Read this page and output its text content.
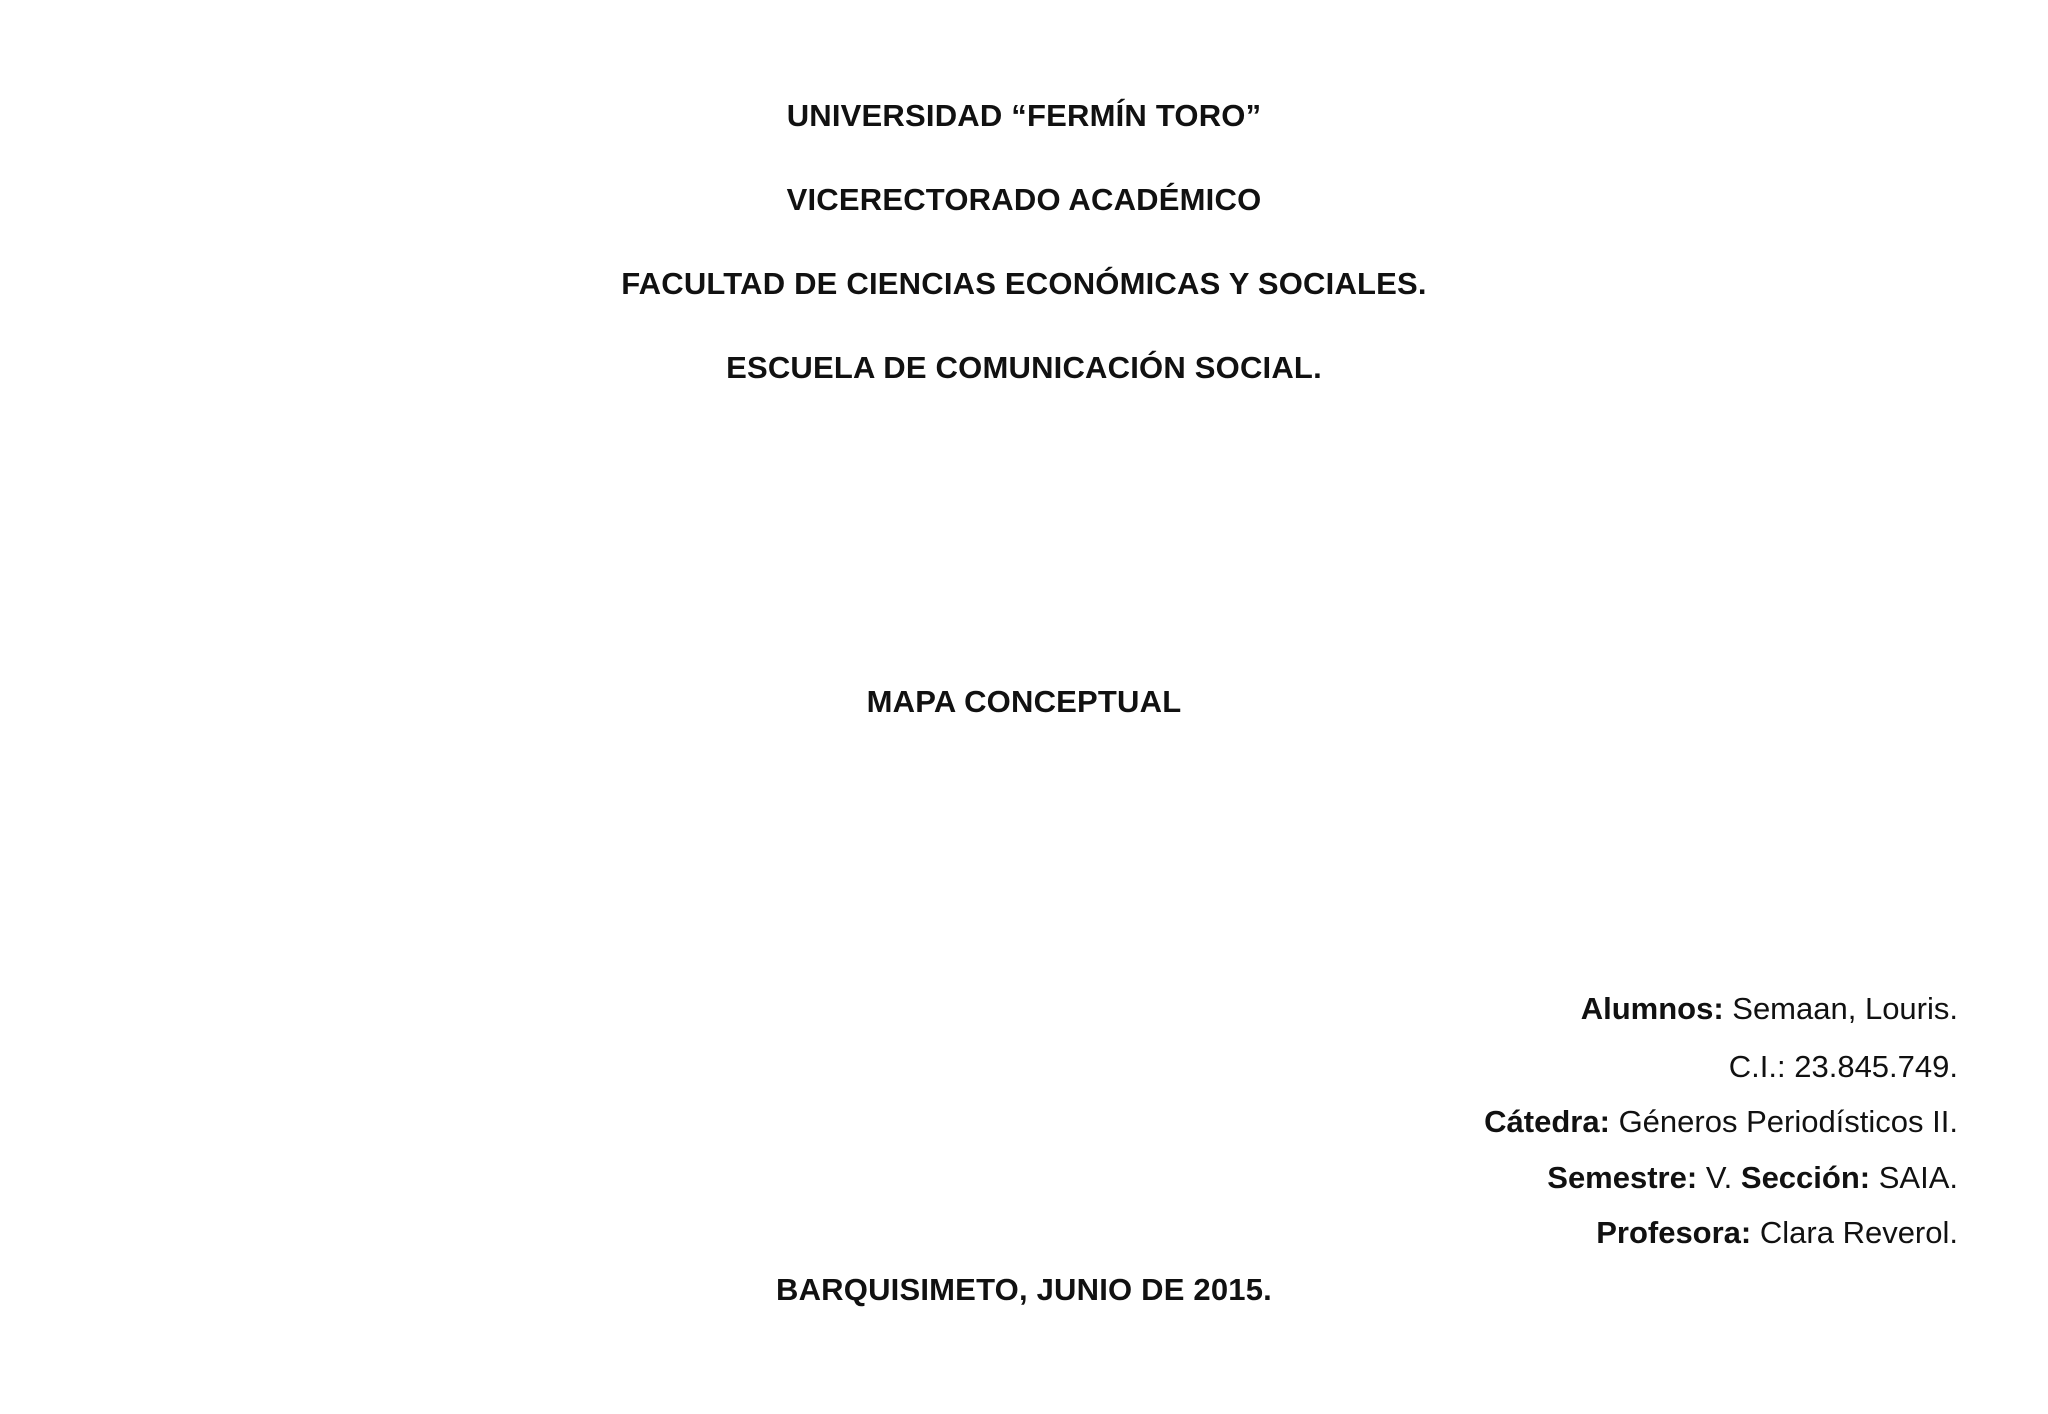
UNIVERSIDAD “FERMÍN TORO”
VICERECTORADO ACADÉMICO
FACULTAD DE CIENCIAS ECONÓMICAS Y SOCIALES.
ESCUELA DE COMUNICACIÓN SOCIAL.
MAPA CONCEPTUAL
Alumnos: Semaan, Louris.
C.I.: 23.845.749.
Cátedra: Géneros Periodísticos II.
Semestre: V. Sección: SAIA.
Profesora: Clara Reverol.
BARQUISIMETO, JUNIO DE 2015.
